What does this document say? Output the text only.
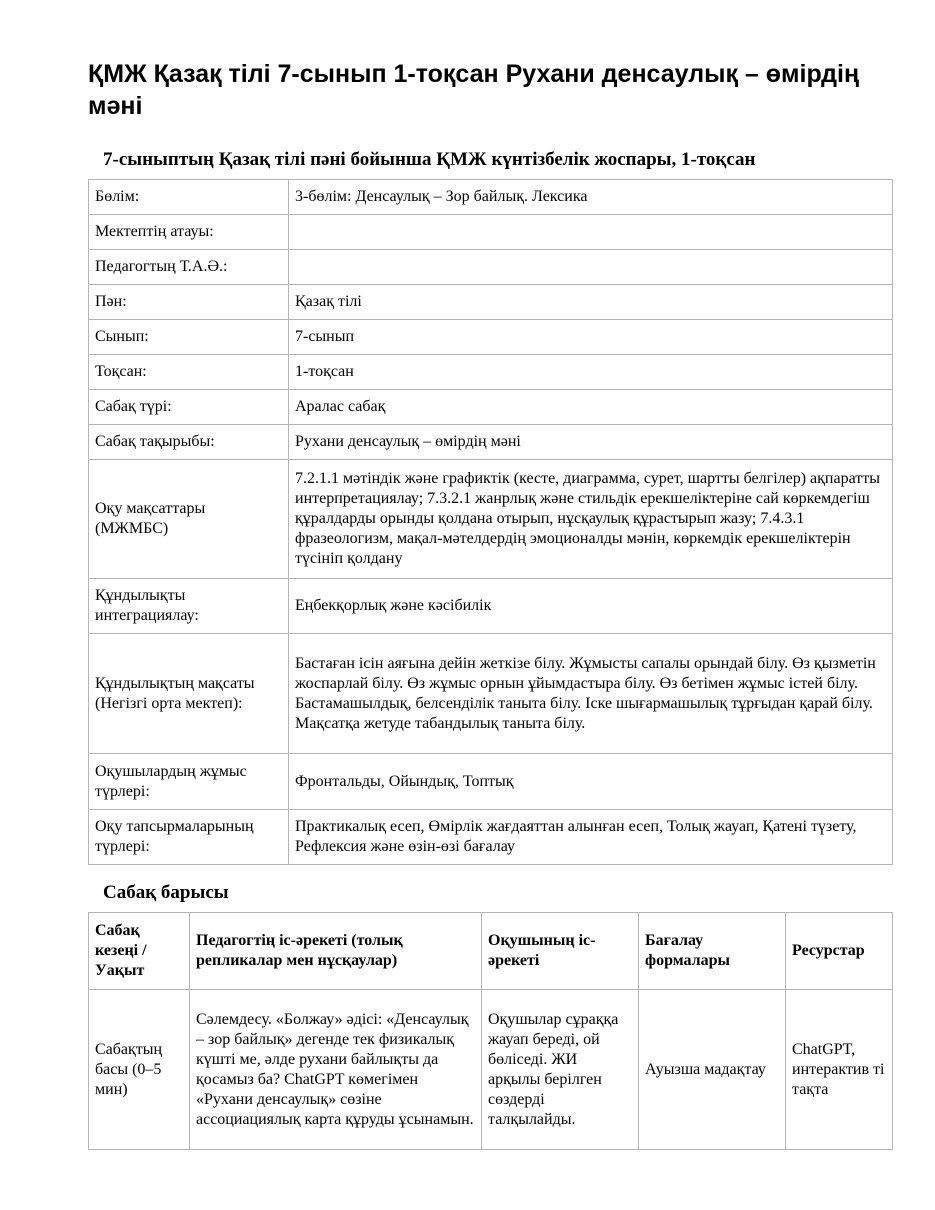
ҚМЖ Қазақ тілі 7-сынып 1-тоқсан Рухани денсаулық – өмірдің мәні

7-сыныптың Қазақ тілі пәні бойынша ҚМЖ күнтізбелік жоспары, 1-тоқсан

Бөлім:	3-бөлім: Денсаулық – Зор байлық. Лексика
Мектептің атауы:	
Педагогтың Т.А.Ә.:	
Пән:	Қазақ тілі
Сынып:	7-сынып
Тоқсан:	1-тоқсан
Сабақ түрі:	Аралас сабақ
Сабақ тақырыбы:	Рухани денсаулық – өмірдің мәні
Оқу мақсаттары (МЖМБС)	7.2.1.1 мәтіндік және графиктік (кесте, диаграмма, сурет, шартты белгілер) ақпаратты интерпретациялау; 7.3.2.1 жанрлық және стильдік ерекшеліктеріне сай көркемдегіш құралдарды орынды қолдана отырып, нұсқаулық құрастырып жазу; 7.4.3.1 фразеологизм, мақал-мәтелдердің эмоционалды мәнін, көркемдік ерекшеліктерін түсініп қолдану
Құндылықты интеграциялау:	Еңбекқорлық және кәсібилік
Құндылықтың мақсаты (Негізгі орта мектеп):	Бастаған ісін аяғына дейін жеткізе білу. Жұмысты сапалы орындай білу. Өз қызметін жоспарлай білу. Өз жұмыс орнын ұйымдастыра білу. Өз бетімен жұмыс істей білу. Бастамашылдық, белсенділік таныта білу. Іске шығармашылық тұрғыдан қарай білу. Мақсатқа жетуде табандылық таныта білу.
Оқушылардың жұмыс түрлері:	Фронтальды, Ойындық, Топтық
Оқу тапсырмаларының түрлері:	Практикалық есеп, Өмірлік жағдаяттан алынған есеп, Толық жауап, Қатені түзету, Рефлексия және өзін-өзі бағалау

Сабақ барысы

Сабақ кезеңі / Уақыт	Педагогтің іс-әрекеті (толық репликалар мен нұсқаулар)	Оқушының іс-әрекеті	Бағалау формалары	Ресурстар
Сабақтың басы (0–5 мин)	Сәлемдесу. «Болжау» әдісі: «Денсаулық – зор байлық» дегенде тек физикалық күшті ме, әлде рухани байлықты да қосамыз ба? ChatGPT көмегімен «Рухани денсаулық» сөзіне ассоциациялық карта құруды ұсынамын.	Оқушылар сұраққа жауап береді, ой бөліседі. ЖИ арқылы берілген сөздерді талқылайды.	Ауызша мадақтау	ChatGPT, интерактив ті тақта
